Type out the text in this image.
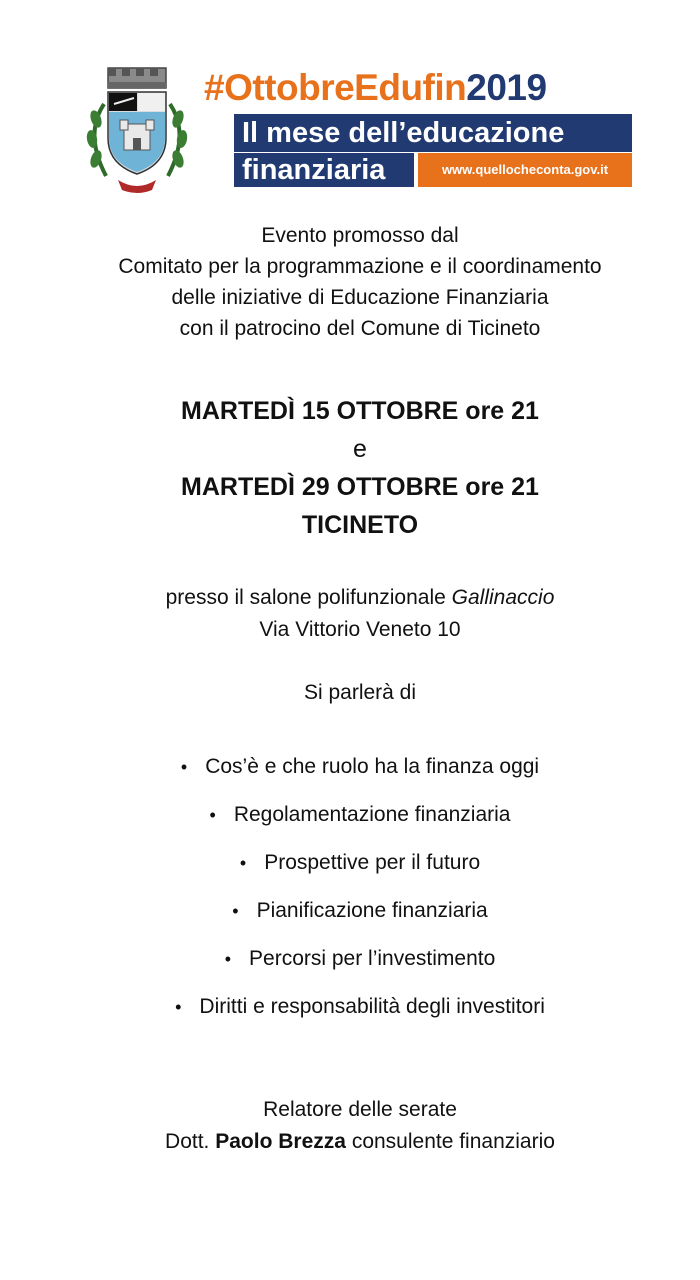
#OttobreEdufin2019
Il mese dell’educazione
finanziaria	www.quellocheconta.gov.it
Evento promosso dal
Comitato per la programmazione e il coordinamento
delle iniziative di Educazione Finanziaria
con il patrocino del Comune di Ticineto
MARTEDÌ 15 OTTOBRE ore 21
e
MARTEDÌ 29 OTTOBRE ore 21
TICINETO
presso il salone polifunzionale Gallinaccio
Via Vittorio Veneto 10
Si parlerà di
• Cos’è e che ruolo ha la finanza oggi
• Regolamentazione finanziaria
• Prospettive per il futuro
• Pianificazione finanziaria
• Percorsi per l’investimento
• Diritti e responsabilità degli investitori
Relatore delle serate
Dott. Paolo Brezza consulente finanziario
